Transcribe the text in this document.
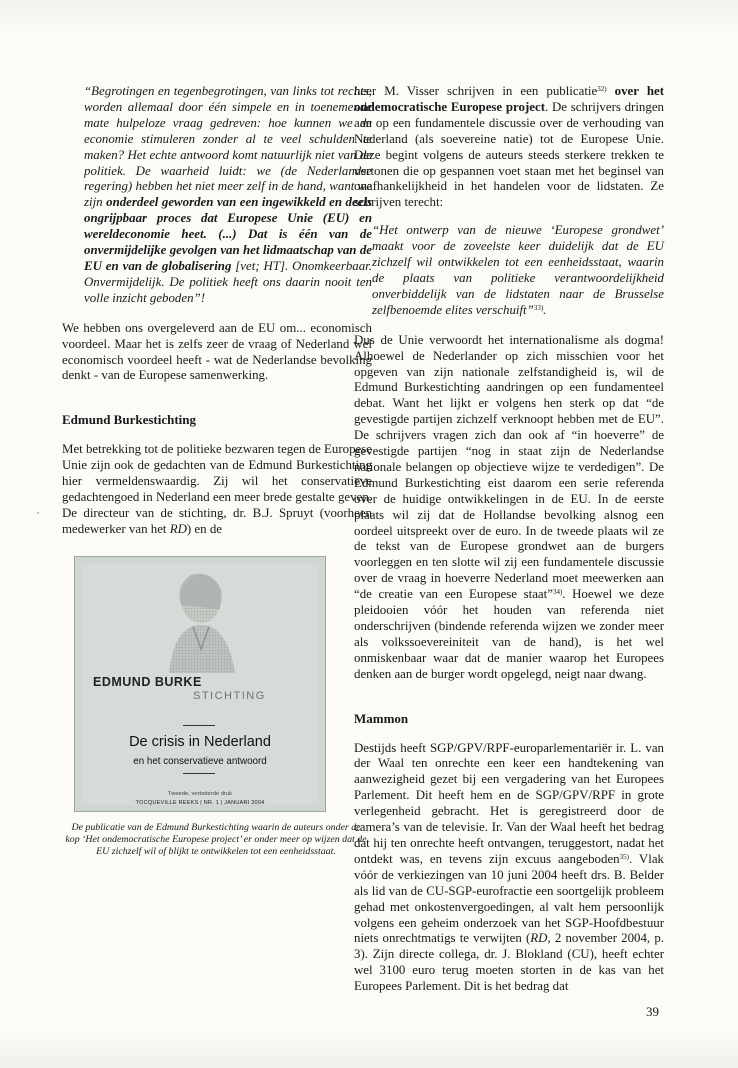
“Begrotingen en tegenbegrotingen, van links tot rechts, worden allemaal door één simpele en in toenemende mate hulpeloze vraag gedreven: hoe kunnen we de economie stimuleren zonder al te veel schulden te maken? Het echte antwoord komt natuurlijk niet van de politiek. De waarheid luidt: we (de Nederlandse regering) hebben het niet meer zelf in de hand, want we zijn onderdeel geworden van een ingewikkeld en deels ongrijpbaar proces dat Europese Unie (EU) en wereldeconomie heet. (...) Dat is één van de onvermijdelijke gevolgen van het lidmaatschap van de EU en van de globalisering [vet; HT]. Onomkeerbaar. Onvermijdelijk. De politiek heeft ons daarin nooit ten volle inzicht geboden”!

We hebben ons overgeleverd aan de EU om... economisch voordeel. Maar het is zelfs zeer de vraag of Nederland wel economisch voordeel heeft - wat de Nederlandse bevolking denkt - van de Europese samenwerking.

Edmund Burkestichting

Met betrekking tot de politieke bezwaren tegen de Europese Unie zijn ook de gedachten van de Edmund Burkestichting hier vermeldenswaardig. Zij wil het conservatieve gedachtengoed in Nederland een meer brede gestalte geven. De directeur van de stichting, dr. B.J. Spruyt (voorheen medewerker van het RD) en de

EDMUND BURKE
STICHTING
De crisis in Nederland
en het conservatieve antwoord
Tweede, verbeterde druk
TOCQUEVILLE REEKS | NR. 1 | JANUARI 2004

De publicatie van de Edmund Burkestichting waarin de auteurs onder de kop ‘Het ondemocratische Europese project’ er onder meer op wijzen dat de EU zichzelf wil of blijkt te ontwikkelen tot een eenheidsstaat.

heer M. Visser schrijven in een publicatie$^{32)}$ over het ondemocratische Europese project. De schrijvers dringen aan op een fundamentele discussie over de verhouding van Nederland (als soevereine natie) tot de Europese Unie. Deze begint volgens de auteurs steeds sterkere trekken te vertonen die op gespannen voet staan met het beginsel van onafhankelijkheid in het handelen voor de lidstaten. Ze schrijven terecht:

“Het ontwerp van de nieuwe ‘Europese grondwet’ maakt voor de zoveelste keer duidelijk dat de EU zichzelf wil ontwikkelen tot een eenheidsstaat, waarin de plaats van politieke verantwoordelijkheid onverbiddelijk van de lidstaten naar de Brusselse zelfbenoemde elites verschuift”$^{33)}$.

Dus de Unie verwoordt het internationalisme als dogma! Alhoewel de Nederlander op zich misschien voor het opgeven van zijn nationale zelfstandigheid is, wil de Edmund Burkestichting aandringen op een fundamenteel debat. Want het lijkt er volgens hen sterk op dat “de gevestigde partijen zichzelf verknoopt hebben met de EU”. De schrijvers vragen zich dan ook af “in hoeverre” de gevestigde partijen “nog in staat zijn de Nederlandse nationale belangen op objectieve wijze te verdedigen”. De Edmund Burkestichting eist daarom een serie referenda over de huidige ontwikkelingen in de EU. In de eerste plaats wil zij dat de Hollandse bevolking alsnog een oordeel uitspreekt over de euro. In de tweede plaats wil ze de tekst van de Europese grondwet aan de burgers voorleggen en ten slotte wil zij een fundamentele discussie over de vraag in hoeverre Nederland moet meewerken aan “de creatie van een Europese staat”$^{34)}$. Hoewel we deze pleidooien vóór het houden van referenda niet onderschrijven (bindende referenda wijzen we zonder meer als volkssoevereiniteit van de hand), is het wel onmiskenbaar waar dat de manier waarop het Europees denken aan de burger wordt opgelegd, neigt naar dwang.

Mammon

Destijds heeft SGP/GPV/RPF-europarlementariër ir. L. van der Waal ten onrechte een keer een handtekening van aanwezigheid gezet bij een vergadering van het Europees Parlement. Dit heeft hem en de SGP/GPV/RPF in grote verlegenheid gebracht. Het is geregistreerd door de camera’s van de televisie. Ir. Van der Waal heeft het bedrag dat hij ten onrechte heeft ontvangen, teruggestort, nadat het ontdekt was, en tevens zijn excuus aangeboden$^{35)}$. Vlak vóór de verkiezingen van 10 juni 2004 heeft drs. B. Belder als lid van de CU-SGP-eurofractie een soortgelijk probleem gehad met onkostenvergoedingen, al valt hem persoonlijk volgens een geheim onderzoek van het SGP-Hoofdbestuur niets onrechtmatigs te verwijten (RD, 2 november 2004, p. 3). Zijn directe collega, dr. J. Blokland (CU), heeft echter wel 3100 euro terug moeten storten in de kas van het Europees Parlement. Dit is het bedrag dat

39
